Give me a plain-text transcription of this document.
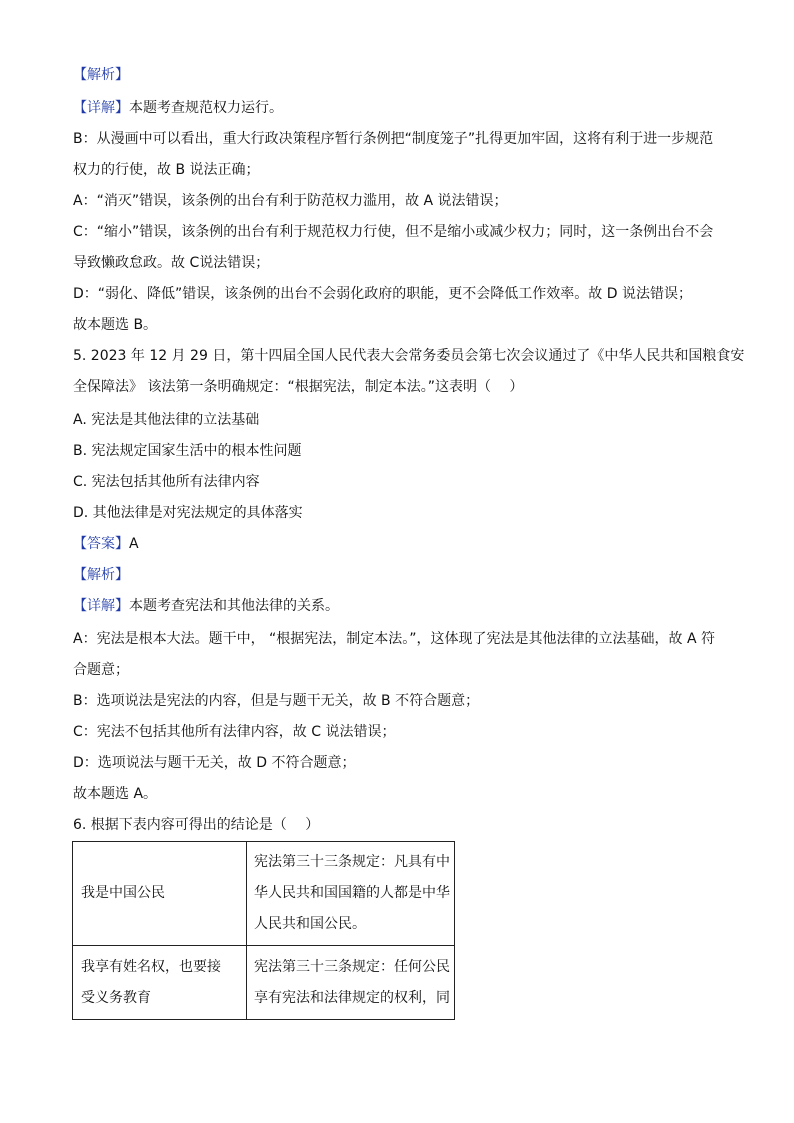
【解析】
【详解】本题考查规范权力运行。
B：从漫画中可以看出，重大行政决策程序暂行条例把“制度笼子”扎得更加牢固，这将有利于进一步规范
权力的行使，故 B 说法正确；
A：“消灭”错误，该条例的出台有利于防范权力滥用，故 A 说法错误；
C：“缩小”错误，该条例的出台有利于规范权力行使，但不是缩小或减少权力；同时，这一条例出台不会
导致懒政怠政。故 C说法错误；
D：“弱化、降低”错误，该条例的出台不会弱化政府的职能，更不会降低工作效率。故 D 说法错误；
故本题选 B。
5. 2023 年 12 月 29 日，第十四届全国人民代表大会常务委员会第七次会议通过了《中华人民共和国粮食安
全保障法》 该法第一条明确规定：“根据宪法，制定本法。”这表明（　 ）
A. 宪法是其他法律的立法基础
B. 宪法规定国家生活中的根本性问题
C. 宪法包括其他所有法律内容
D. 其他法律是对宪法规定的具体落实
【答案】A
【解析】
【详解】本题考查宪法和其他法律的关系。
A：宪法是根本大法。题干中， “根据宪法，制定本法。”，这体现了宪法是其他法律的立法基础，故 A 符
合题意；
B：选项说法是宪法的内容，但是与题干无关，故 B 不符合题意；
C：宪法不包括其他所有法律内容，故 C 说法错误；
D：选项说法与题干无关，故 D 不符合题意；
故本题选 A。
6. 根据下表内容可得出的结论是（　 ）
我是中国公民	宪法第三十三条规定：凡具有中
华人民共和国国籍的人都是中华
人民共和国公民。

我享有姓名权，也要接
受义务教育	宪法第三十三条规定：任何公民
享有宪法和法律规定的权利，同
